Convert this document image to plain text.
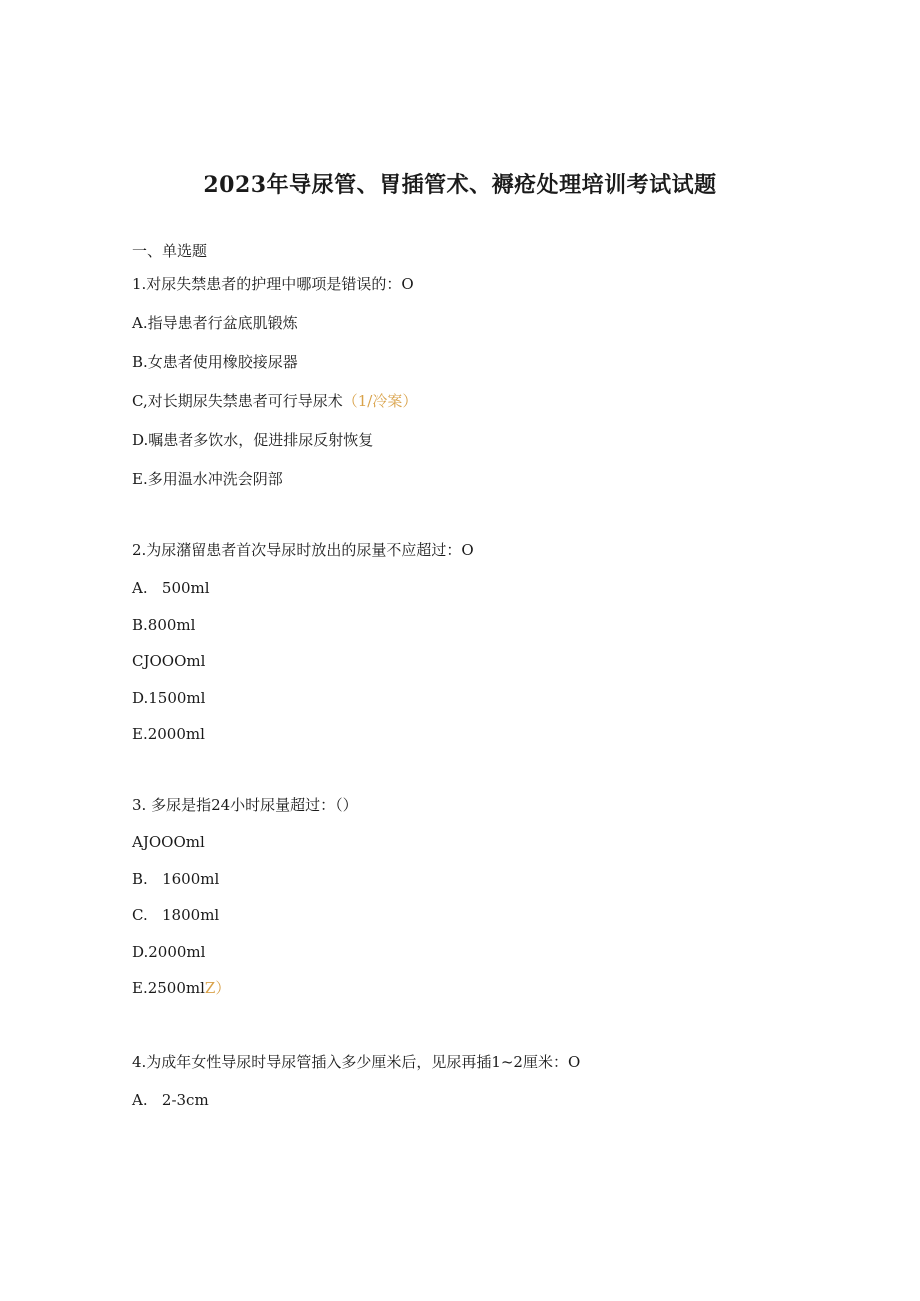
2023年导尿管、胃插管术、褥疮处理培训考试试题
一、单选题
1.对尿失禁患者的护理中哪项是错误的：O
A.指导患者行盆底肌锻炼
B.女患者使用橡胶接尿器
C,对长期尿失禁患者可行导尿术（1/冷案）
D.嘱患者多饮水，促进排尿反射恢复
E.多用温水冲洗会阴部
2.为尿潴留患者首次导尿时放出的尿量不应超过：O
A.   500ml
B.800ml
CJOOOml
D.1500ml
E.2000ml
3. 多尿是指24小时尿量超过：（）
AJOOOml
B.   1600ml
C.   1800ml
D.2000ml
E.2500mlZ）
4.为成年女性导尿时导尿管插入多少厘米后，见尿再插1~2厘米：O
A.   2-3cm
